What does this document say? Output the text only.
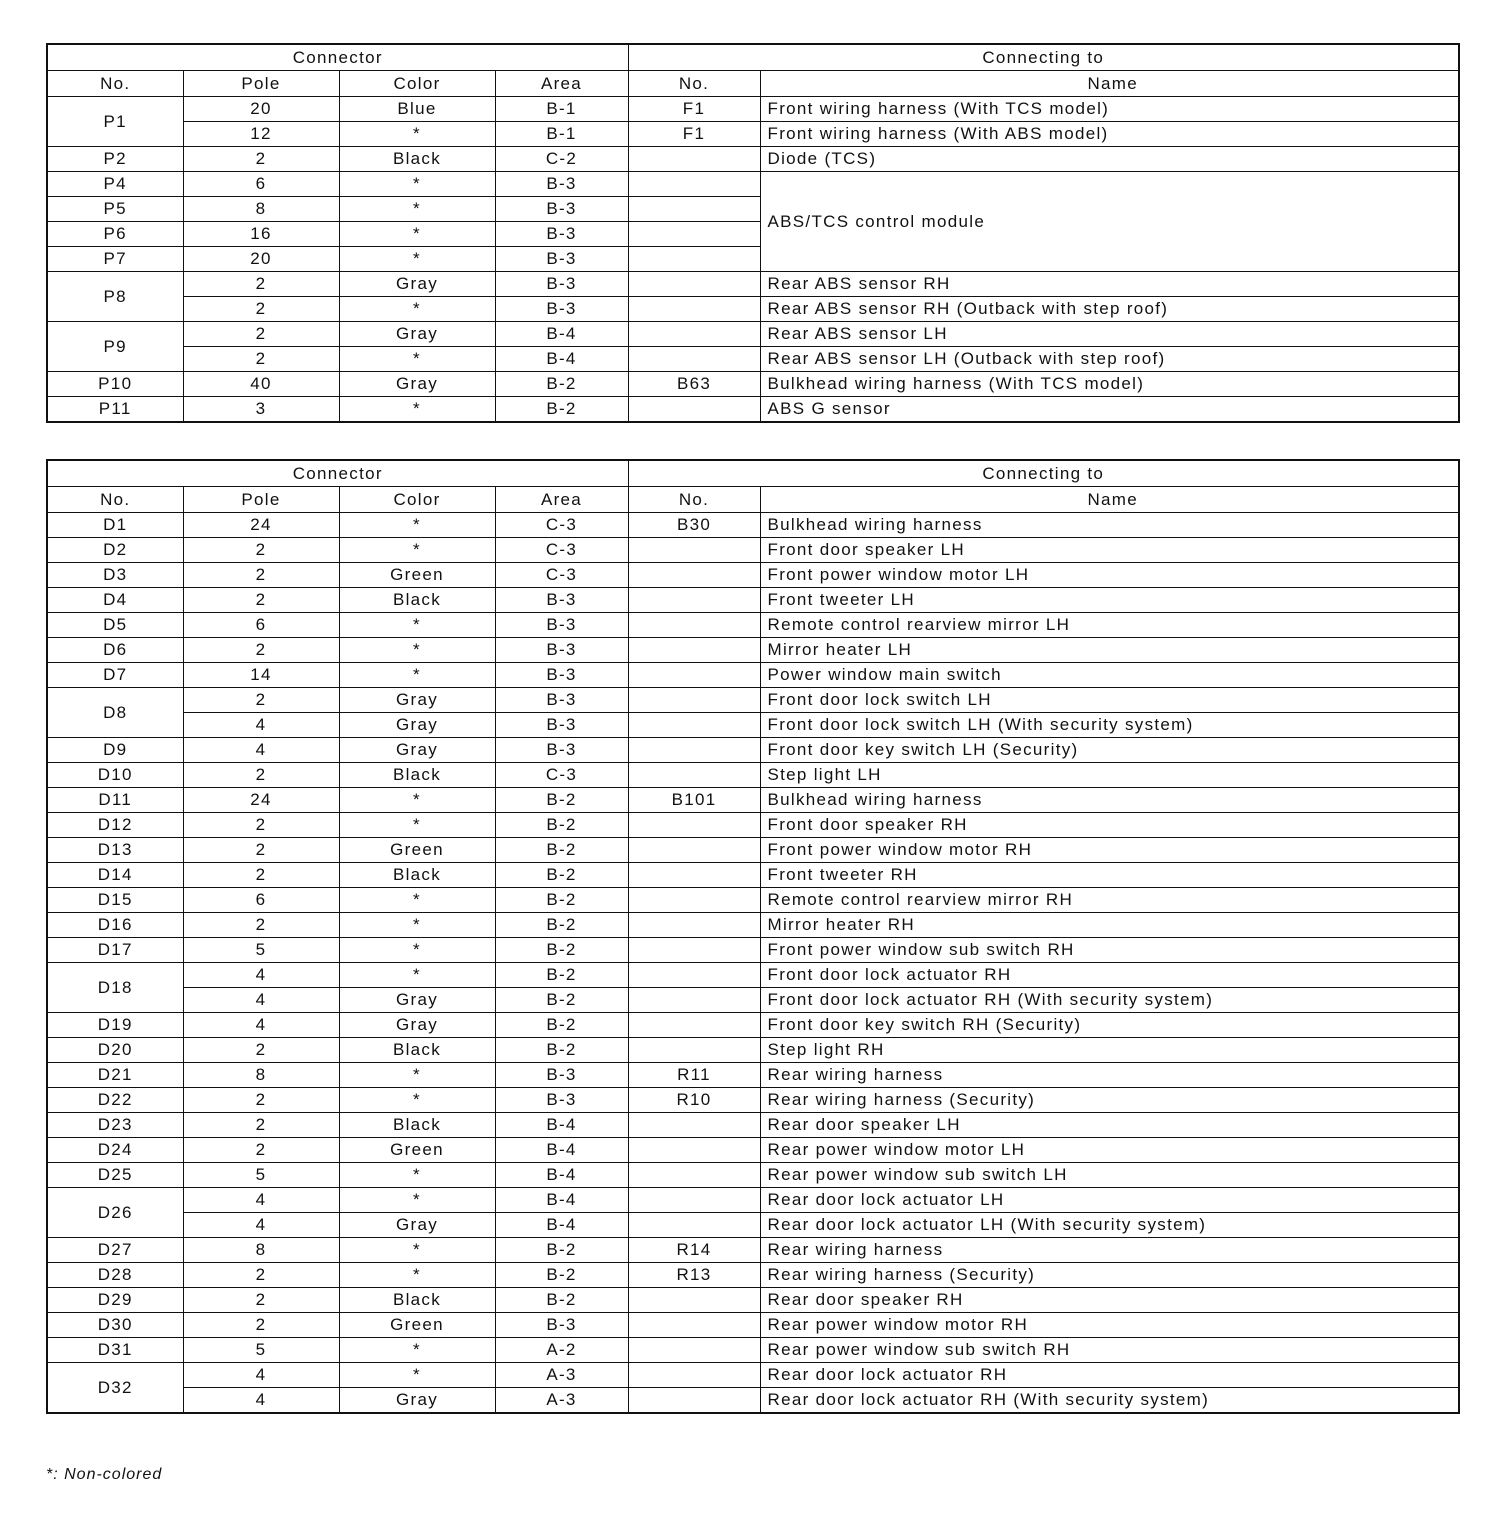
Connector				Connecting to	
No.	Pole	Color	Area	No.	Name
P1	20	Blue	B-1	F1	Front wiring harness (With TCS model)
	12	*	B-1	F1	Front wiring harness (With ABS model)
P2	2	Black	C-2		Diode (TCS)
P4	6	*	B-3		ABS/TCS control module
P5	8	*	B-3		
P6	16	*	B-3		
P7	20	*	B-3		
P8	2	Gray	B-3		Rear ABS sensor RH
	2	*	B-3		Rear ABS sensor RH (Outback with step roof)
P9	2	Gray	B-4		Rear ABS sensor LH
	2	*	B-4		Rear ABS sensor LH (Outback with step roof)
P10	40	Gray	B-2	B63	Bulkhead wiring harness (With TCS model)
P11	3	*	B-2		ABS G sensor
Connector				Connecting to	
No.	Pole	Color	Area	No.	Name
D1	24	*	C-3	B30	Bulkhead wiring harness
D2	2	*	C-3		Front door speaker LH
D3	2	Green	C-3		Front power window motor LH
D4	2	Black	B-3		Front tweeter LH
D5	6	*	B-3		Remote control rearview mirror LH
D6	2	*	B-3		Mirror heater LH
D7	14	*	B-3		Power window main switch
D8	2	Gray	B-3		Front door lock switch LH
	4	Gray	B-3		Front door lock switch LH (With security system)
D9	4	Gray	B-3		Front door key switch LH (Security)
D10	2	Black	C-3		Step light LH
D11	24	*	B-2	B101	Bulkhead wiring harness
D12	2	*	B-2		Front door speaker RH
D13	2	Green	B-2		Front power window motor RH
D14	2	Black	B-2		Front tweeter RH
D15	6	*	B-2		Remote control rearview mirror RH
D16	2	*	B-2		Mirror heater RH
D17	5	*	B-2		Front power window sub switch RH
D18	4	*	B-2		Front door lock actuator RH
	4	Gray	B-2		Front door lock actuator RH (With security system)
D19	4	Gray	B-2		Front door key switch RH (Security)
D20	2	Black	B-2		Step light RH
D21	8	*	B-3	R11	Rear wiring harness
D22	2	*	B-3	R10	Rear wiring harness (Security)
D23	2	Black	B-4		Rear door speaker LH
D24	2	Green	B-4		Rear power window motor LH
D25	5	*	B-4		Rear power window sub switch LH
D26	4	*	B-4		Rear door lock actuator LH
	4	Gray	B-4		Rear door lock actuator LH (With security system)
D27	8	*	B-2	R14	Rear wiring harness
D28	2	*	B-2	R13	Rear wiring harness (Security)
D29	2	Black	B-2		Rear door speaker RH
D30	2	Green	B-3		Rear power window motor RH
D31	5	*	A-2		Rear power window sub switch RH
D32	4	*	A-3		Rear door lock actuator RH
	4	Gray	A-3		Rear door lock actuator RH (With security system)
*: Non-colored
